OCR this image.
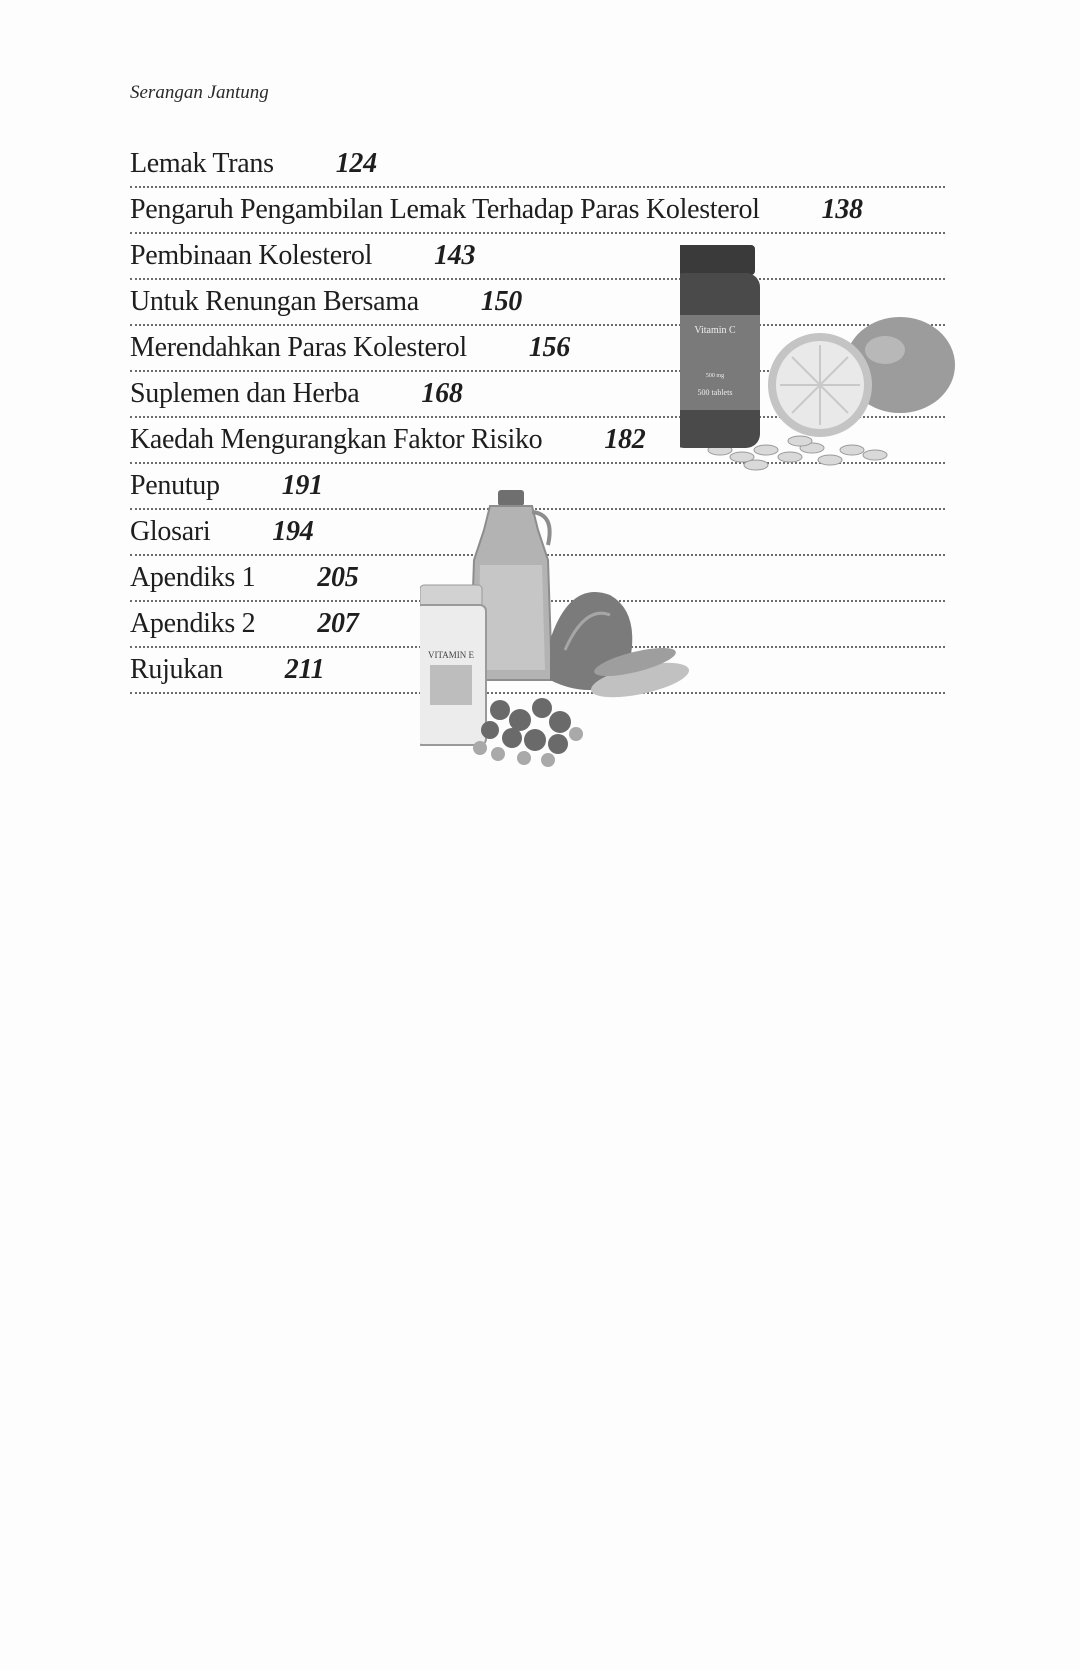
Serangan Jantung
Lemak Trans 124
Pengaruh Pengambilan Lemak Terhadap Paras Kolesterol 138
Pembinaan Kolesterol 143
Untuk Renungan Bersama 150
Merendahkan Paras Kolesterol 156
Suplemen dan Herba 168
Kaedah Mengurangkan Faktor Risiko 182
Penutup 191
Glosari 194
Apendiks 1 205
Apendiks 2 207
Rujukan 211
Vitamin C
500 mg
500 tablets
VITAMIN E
